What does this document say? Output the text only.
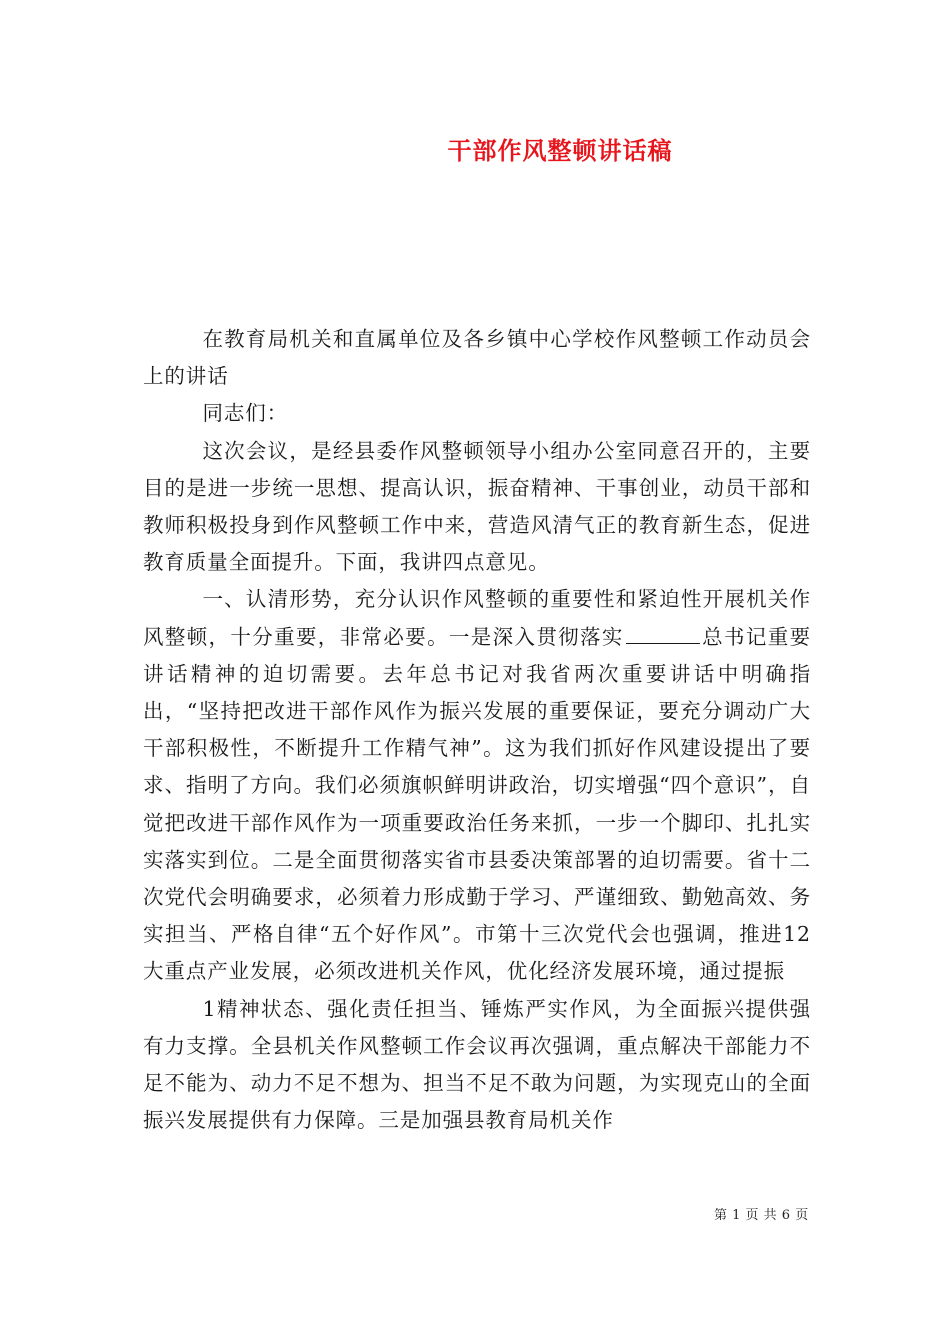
干部作风整顿讲话稿

在教育局机关和直属单位及各乡镇中心学校作风整顿工作动员会上的讲话

同志们：

这次会议，是经县委作风整顿领导小组办公室同意召开的，主要目的是进一步统一思想、提高认识，振奋精神、干事创业，动员干部和教师积极投身到作风整顿工作中来，营造风清气正的教育新生态，促进教育质量全面提升。下面，我讲四点意见。

一、认清形势，充分认识作风整顿的重要性和紧迫性开展机关作风整顿，十分重要，非常必要。一是深入贯彻落实	总书记重要讲话精神的迫切需要。去年总书记对我省两次重要讲话中明确指出，“坚持把改进干部作风作为振兴发展的重要保证，要充分调动广大干部积极性，不断提升工作精气神”。这为我们抓好作风建设提出了要求、指明了方向。我们必须旗帜鲜明讲政治，切实增强“四个意识”，自觉把改进干部作风作为一项重要政治任务来抓，一步一个脚印、扎扎实实落实到位。二是全面贯彻落实省市县委决策部署的迫切需要。省十二次党代会明确要求，必须着力形成勤于学习、严谨细致、勤勉高效、务实担当、严格自律“五个好作风”。市第十三次党代会也强调，推进12大重点产业发展，必须改进机关作风，优化经济发展环境，通过提振

1精神状态、强化责任担当、锤炼严实作风，为全面振兴提供强有力支撑。全县机关作风整顿工作会议再次强调，重点解决干部能力不足不能为、动力不足不想为、担当不足不敢为问题，为实现克山的全面振兴发展提供有力保障。三是加强县教育局机关作

第 1 页 共 6 页
